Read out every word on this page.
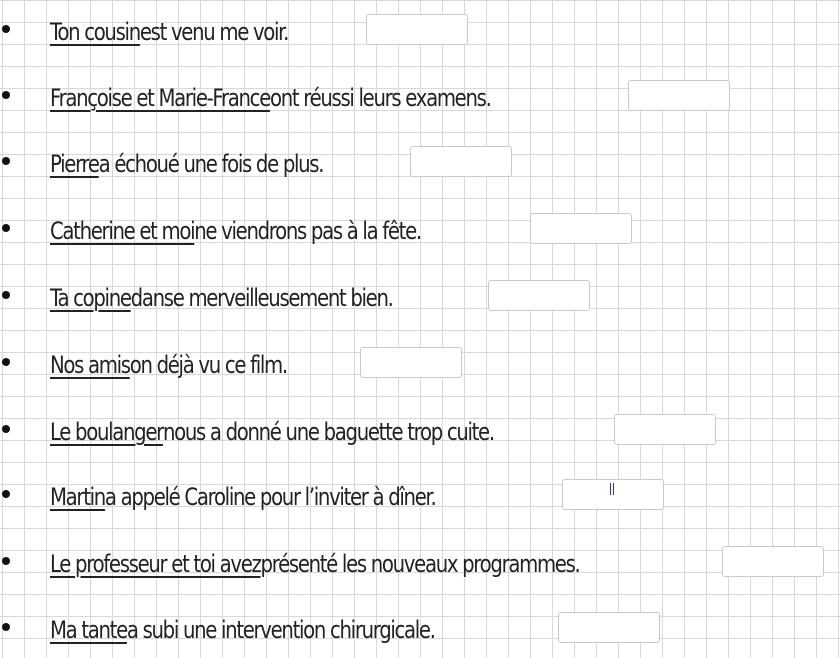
Ton cousin est venu me voir.
Françoise et Marie-France ont réussi leurs examens.
Pierre a échoué une fois de plus.
Catherine et moi ne viendrons pas à la fête.
Ta copine danse merveilleusement bien.
Nos amis on déjà vu ce film.
Le boulanger nous a donné une baguette trop cuite.
Martin a appelé Caroline pour l’inviter à dîner.
Le professeur et toi avez présenté les nouveaux programmes.
Ma tante a subi une intervention chirurgicale.
